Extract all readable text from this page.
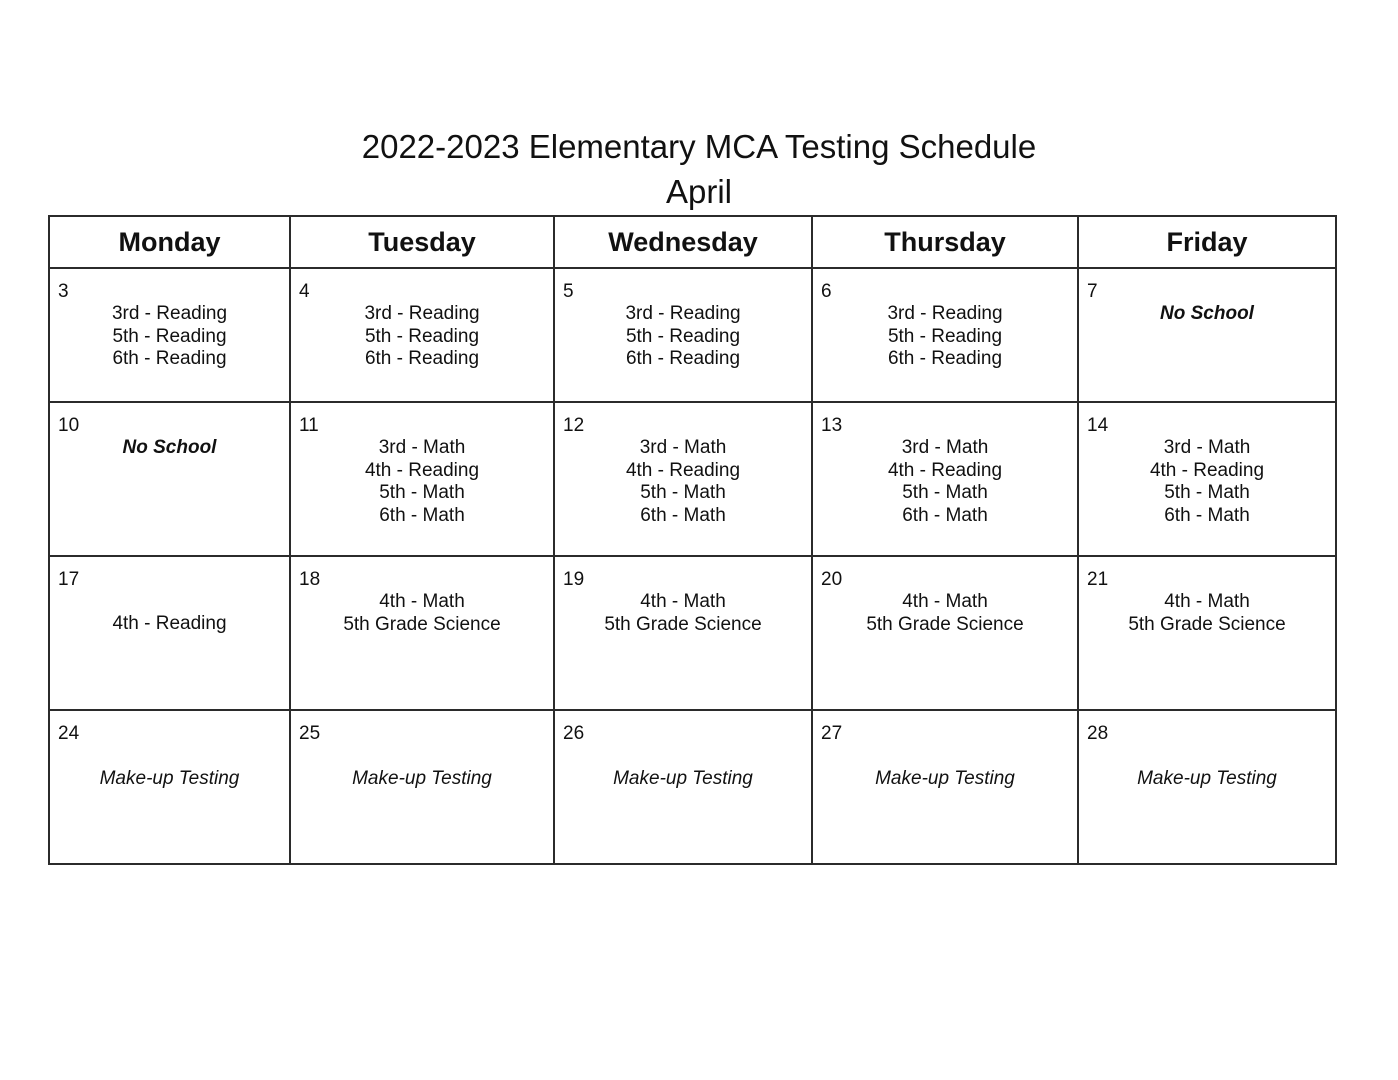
2022-2023 Elementary MCA Testing Schedule
April
Monday	Tuesday	Wednesday	Thursday	Friday

3
3rd - Reading
5th - Reading
6th - Reading	4
3rd - Reading
5th - Reading
6th - Reading	5
3rd - Reading
5th - Reading
6th - Reading	6
3rd - Reading
5th - Reading
6th - Reading	7
No School

10
No School	11
3rd - Math
4th - Reading
5th - Math
6th - Math	12
3rd - Math
4th - Reading
5th - Math
6th - Math	13
3rd - Math
4th - Reading
5th - Math
6th - Math	14
3rd - Math
4th - Reading
5th - Math
6th - Math

17
4th - Reading	18
4th - Math
5th Grade Science	19
4th - Math
5th Grade Science	20
4th - Math
5th Grade Science	21
4th - Math
5th Grade Science

24
Make-up Testing	25
Make-up Testing	26
Make-up Testing	27
Make-up Testing	28
Make-up Testing
